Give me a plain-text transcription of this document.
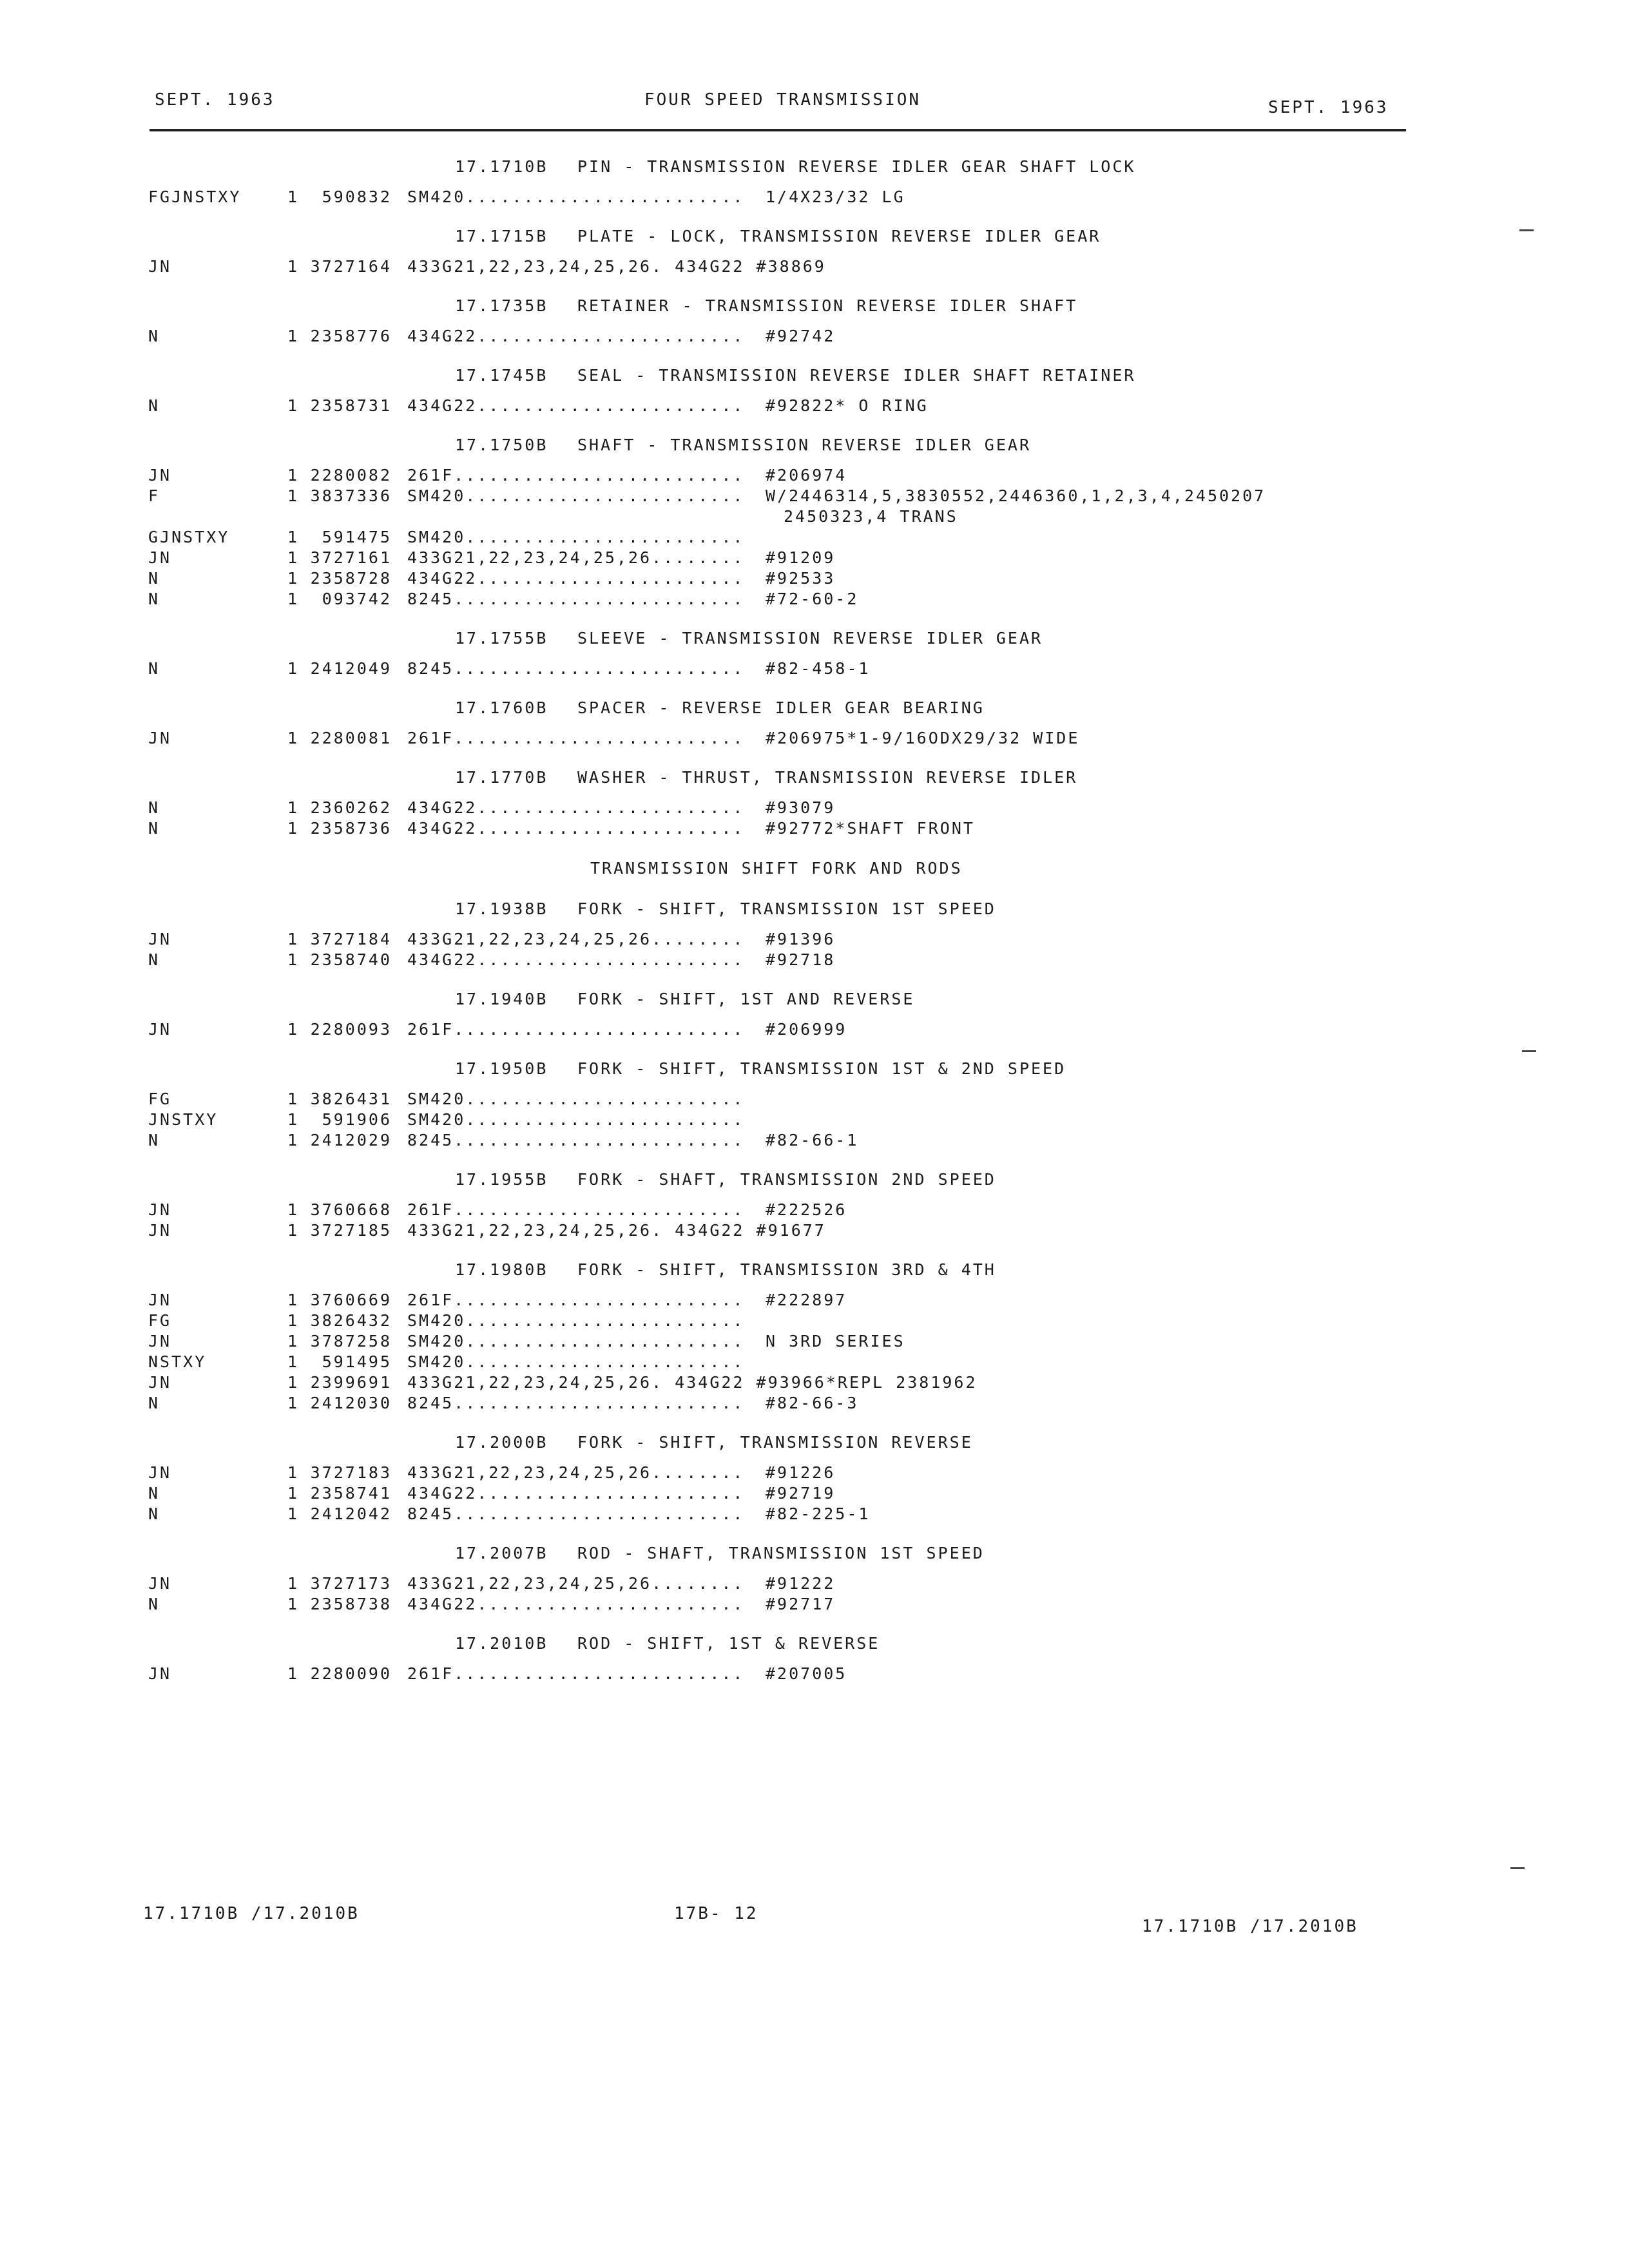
SEPT. 1963	FOUR SPEED TRANSMISSION	SEPT. 1963
17.1710B PIN - TRANSMISSION REVERSE IDLER GEAR SHAFT LOCK
FGJNSTXY	1	590832 SM420........................ 1/4X23/32 LG
17.1715B PLATE - LOCK, TRANSMISSION REVERSE IDLER GEAR
JN	1 3727164 433G21,22,23,24,25,26. 434G22 #38869
17.1735B RETAINER - TRANSMISSION REVERSE IDLER SHAFT
N	1 2358776 434G22....................... #92742
17.1745B SEAL - TRANSMISSION REVERSE IDLER SHAFT RETAINER
N	1 2358731 434G22....................... #92822* O RING
17.1750B SHAFT - TRANSMISSION REVERSE IDLER GEAR
JN	1 2280082 261F......................... #206974
F	1 3837336 SM420........................ W/2446314,5,3830552,2446360,1,2,3,4,2450207
2450323,4 TRANS
GJNSTXY	1	591475 SM420........................
JN	1 3727161 433G21,22,23,24,25,26........ #91209
N	1 2358728 434G22....................... #92533
N	1	093742 8245......................... #72-60-2
17.1755B SLEEVE - TRANSMISSION REVERSE IDLER GEAR
N	1 2412049 8245......................... #82-458-1
17.1760B SPACER - REVERSE IDLER GEAR BEARING
JN	1 2280081 261F......................... #206975*1-9/16ODX29/32 WIDE
17.1770B WASHER - THRUST, TRANSMISSION REVERSE IDLER
N	1 2360262 434G22....................... #93079
N	1 2358736 434G22....................... #92772*SHAFT FRONT
TRANSMISSION SHIFT FORK AND RODS
17.1938B FORK - SHIFT, TRANSMISSION 1ST SPEED
JN	1 3727184 433G21,22,23,24,25,26........ #91396
N	1 2358740 434G22....................... #92718
17.1940B FORK - SHIFT, 1ST AND REVERSE
JN	1 2280093 261F......................... #206999
17.1950B FORK - SHIFT, TRANSMISSION 1ST & 2ND SPEED
FG	1 3826431 SM420........................
JNSTXY	1	591906 SM420........................
N	1 2412029 8245......................... #82-66-1
17.1955B FORK - SHAFT, TRANSMISSION 2ND SPEED
JN	1 3760668 261F......................... #222526
JN	1 3727185 433G21,22,23,24,25,26. 434G22 #91677
17.1980B FORK - SHIFT, TRANSMISSION 3RD & 4TH
JN	1 3760669 261F......................... #222897
FG	1 3826432 SM420........................
JN	1 3787258 SM420........................ N 3RD SERIES
NSTXY	1	591495 SM420........................
JN	1 2399691 433G21,22,23,24,25,26. 434G22 #93966*REPL 2381962
N	1 2412030 8245......................... #82-66-3
17.2000B FORK - SHIFT, TRANSMISSION REVERSE
JN	1 3727183 433G21,22,23,24,25,26........ #91226
N	1 2358741 434G22....................... #92719
N	1 2412042 8245......................... #82-225-1
17.2007B ROD - SHAFT, TRANSMISSION 1ST SPEED
JN	1 3727173 433G21,22,23,24,25,26........ #91222
N	1 2358738 434G22....................... #92717
17.2010B ROD - SHIFT, 1ST & REVERSE
JN	1 2280090 261F......................... #207005
17.1710B /17.2010B	17B- 12
17.1710B /17.2010B
